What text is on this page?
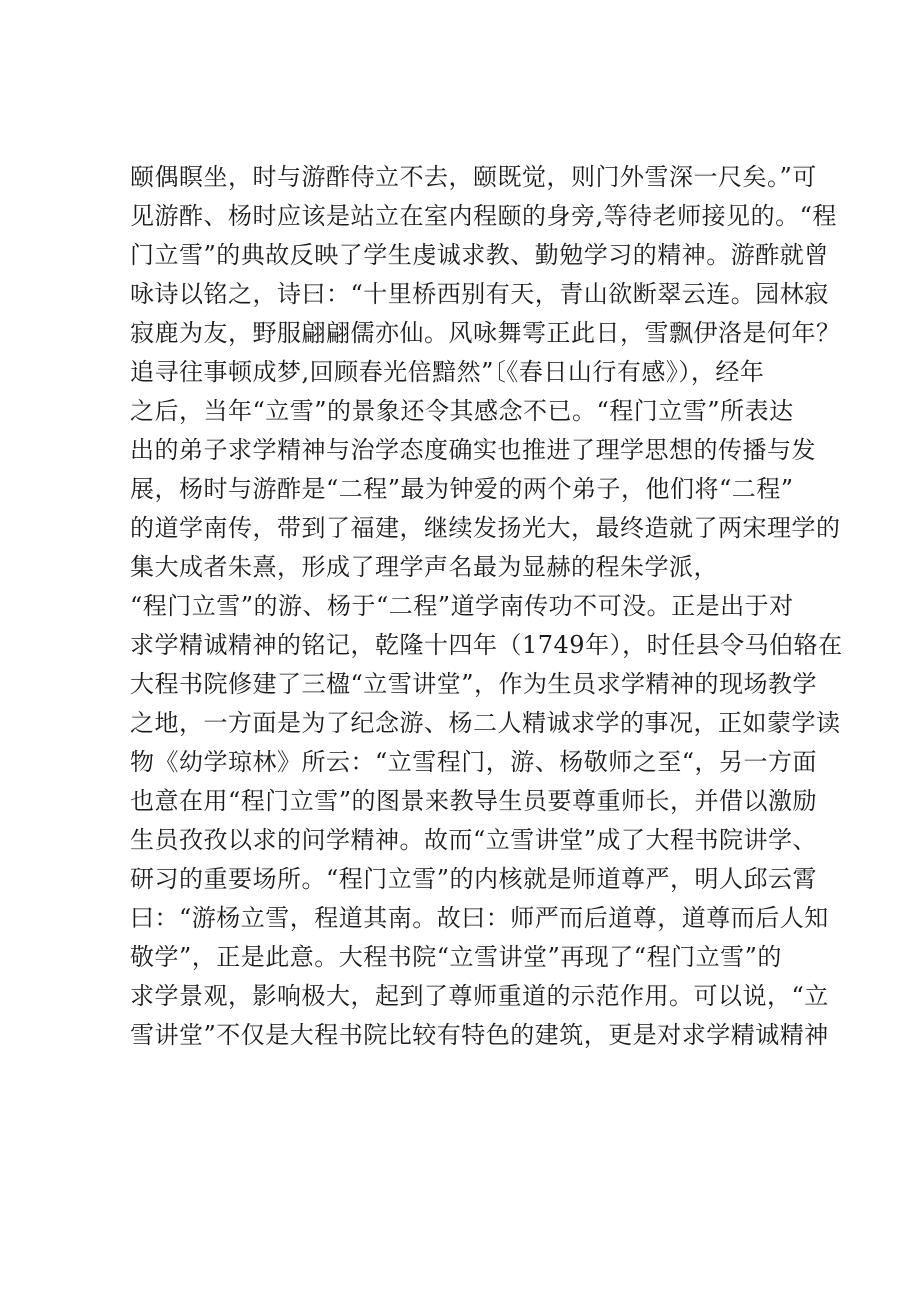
颐偶瞑坐，时与游酢侍立不去，颐既觉，则门外雪深一尺矣。”可
见游酢、杨时应该是站立在室内程颐的身旁,等待老师接见的。“程
门立雪”的典故反映了学生虔诚求教、勤勉学习的精神。游酢就曾
咏诗以铭之，诗曰：“十里桥西别有天，青山欲断翠云连。园林寂
寂鹿为友，野服翩翩儒亦仙。风咏舞雩正此日，雪飘伊洛是何年？
追寻往事顿成梦,回顾春光倍黯然”〔《春日山行有感》），经年
之后，当年“立雪”的景象还令其感念不已。“程门立雪”所表达
出的弟子求学精神与治学态度确实也推进了理学思想的传播与发
展，杨时与游酢是“二程”最为钟爱的两个弟子，他们将“二程”
的道学南传，带到了福建，继续发扬光大，最终造就了两宋理学的
集大成者朱熹，形成了理学声名最为显赫的程朱学派，
“程门立雪”的游、杨于“二程”道学南传功不可没。正是出于对
求学精诚精神的铭记，乾隆十四年（1749年），时任县令马伯辂在
大程书院修建了三楹“立雪讲堂”，作为生员求学精神的现场教学
之地，一方面是为了纪念游、杨二人精诚求学的事况，正如蒙学读
物《幼学琼林》所云：“立雪程门，游、杨敬师之至“，另一方面
也意在用“程门立雪”的图景来教导生员要尊重师长，并借以激励
生员孜孜以求的问学精神。故而“立雪讲堂”成了大程书院讲学、
研习的重要场所。“程门立雪”的内核就是师道尊严，明人邱云霄
曰：“游杨立雪，程道其南。故曰：师严而后道尊，道尊而后人知
敬学”，正是此意。大程书院“立雪讲堂”再现了“程门立雪”的
求学景观，影响极大，起到了尊师重道的示范作用。可以说，“立
雪讲堂”不仅是大程书院比较有特色的建筑，更是对求学精诚精神
